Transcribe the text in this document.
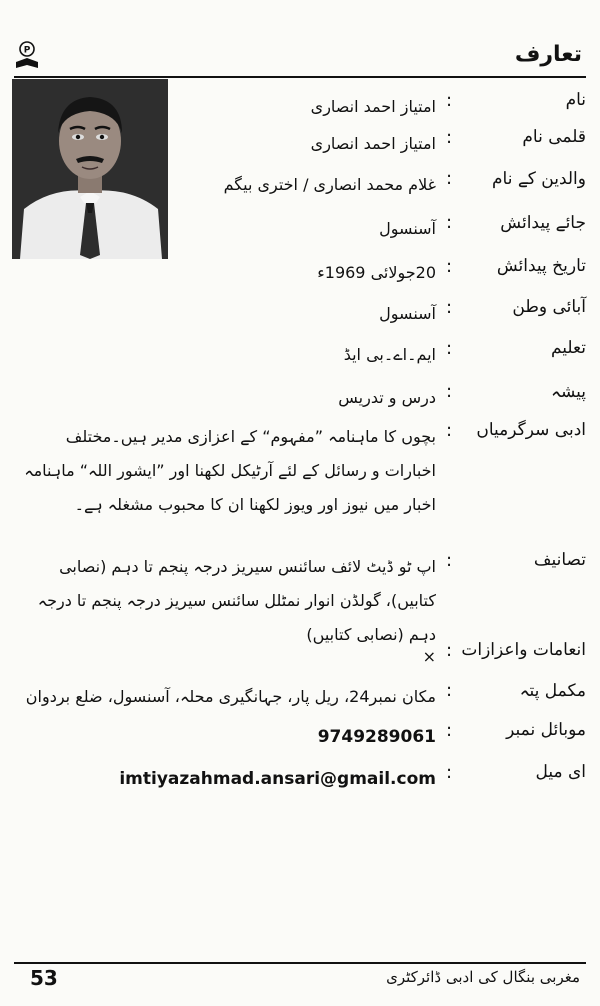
P	تعارف
نام
:
امتیاز احمد انصاری
قلمی نام
:
امتیاز احمد انصاری
والدین کے نام
:
غلام محمد انصاری / اختری بیگم
جائے پیدائش
:
آسنسول
تاریخ پیدائش
:
20جولائی 1969ء
آبائی وطن
:
آسنسول
تعلیم
:
ایم۔اے۔بی ایڈ
پیشہ
:
درس و تدریس
ادبی سرگرمیاں
:
بچوں کا ماہنامہ ”مفہوم“ کے اعزازی مدیر ہیں۔مختلف اخبارات و رسائل کے لئے آرٹیکل لکھنا اور ”ایشور اللہ“ ماہنامہ اخبار میں نیوز اور ویوز لکھنا ان کا محبوب مشغلہ ہے۔
تصانیف
:
اپ ٹو ڈیٹ لائف سائنس سیریز درجہ پنجم تا دہم (نصابی کتابیں)، گولڈن انوار نمٹلل سائنس سیریز درجہ پنجم تا درجہ دہم (نصابی کتابیں)
انعامات واعزازات
:
×
مکمل پتہ
:
مکان نمبر24، ریل پار، جہانگیری محلہ، آسنسول، ضلع بردوان
موبائل نمبر
:
9749289061
ای میل
:
imtiyazahmad.ansari@gmail.com
53	مغربی بنگال کی ادبی ڈائرکٹری
